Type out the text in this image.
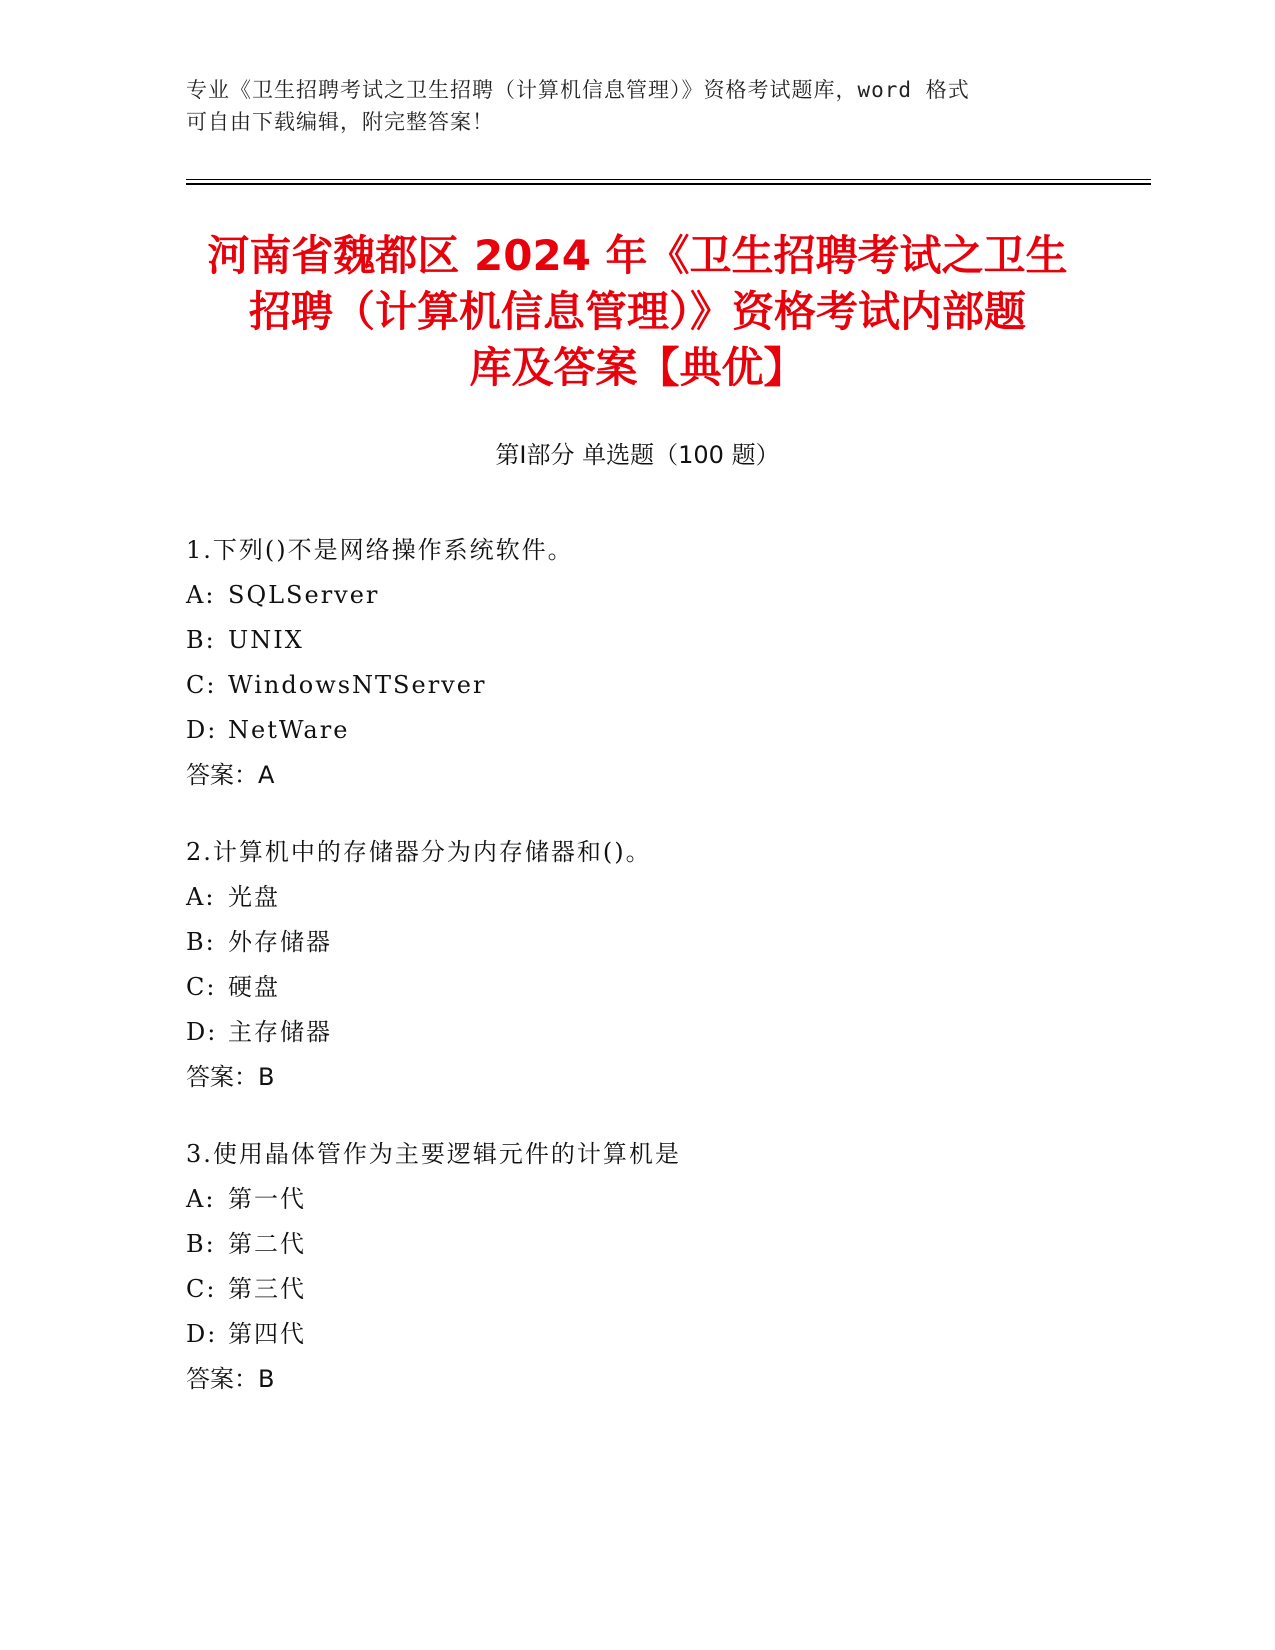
专业《卫生招聘考试之卫生招聘（计算机信息管理）》资格考试题库，word 格式
可自由下载编辑，附完整答案！
河南省魏都区 2024 年《卫生招聘考试之卫生
招聘（计算机信息管理）》资格考试内部题
库及答案【典优】
第Ⅰ部分 单选题（100 题）
1.下列()不是网络操作系统软件。
A: SQLServer
B: UNIX
C: WindowsNTServer
D: NetWare
答案：A
2.计算机中的存储器分为内存储器和()。
A: 光盘
B: 外存储器
C: 硬盘
D: 主存储器
答案：B
3.使用晶体管作为主要逻辑元件的计算机是
A: 第一代
B: 第二代
C: 第三代
D: 第四代
答案：B
